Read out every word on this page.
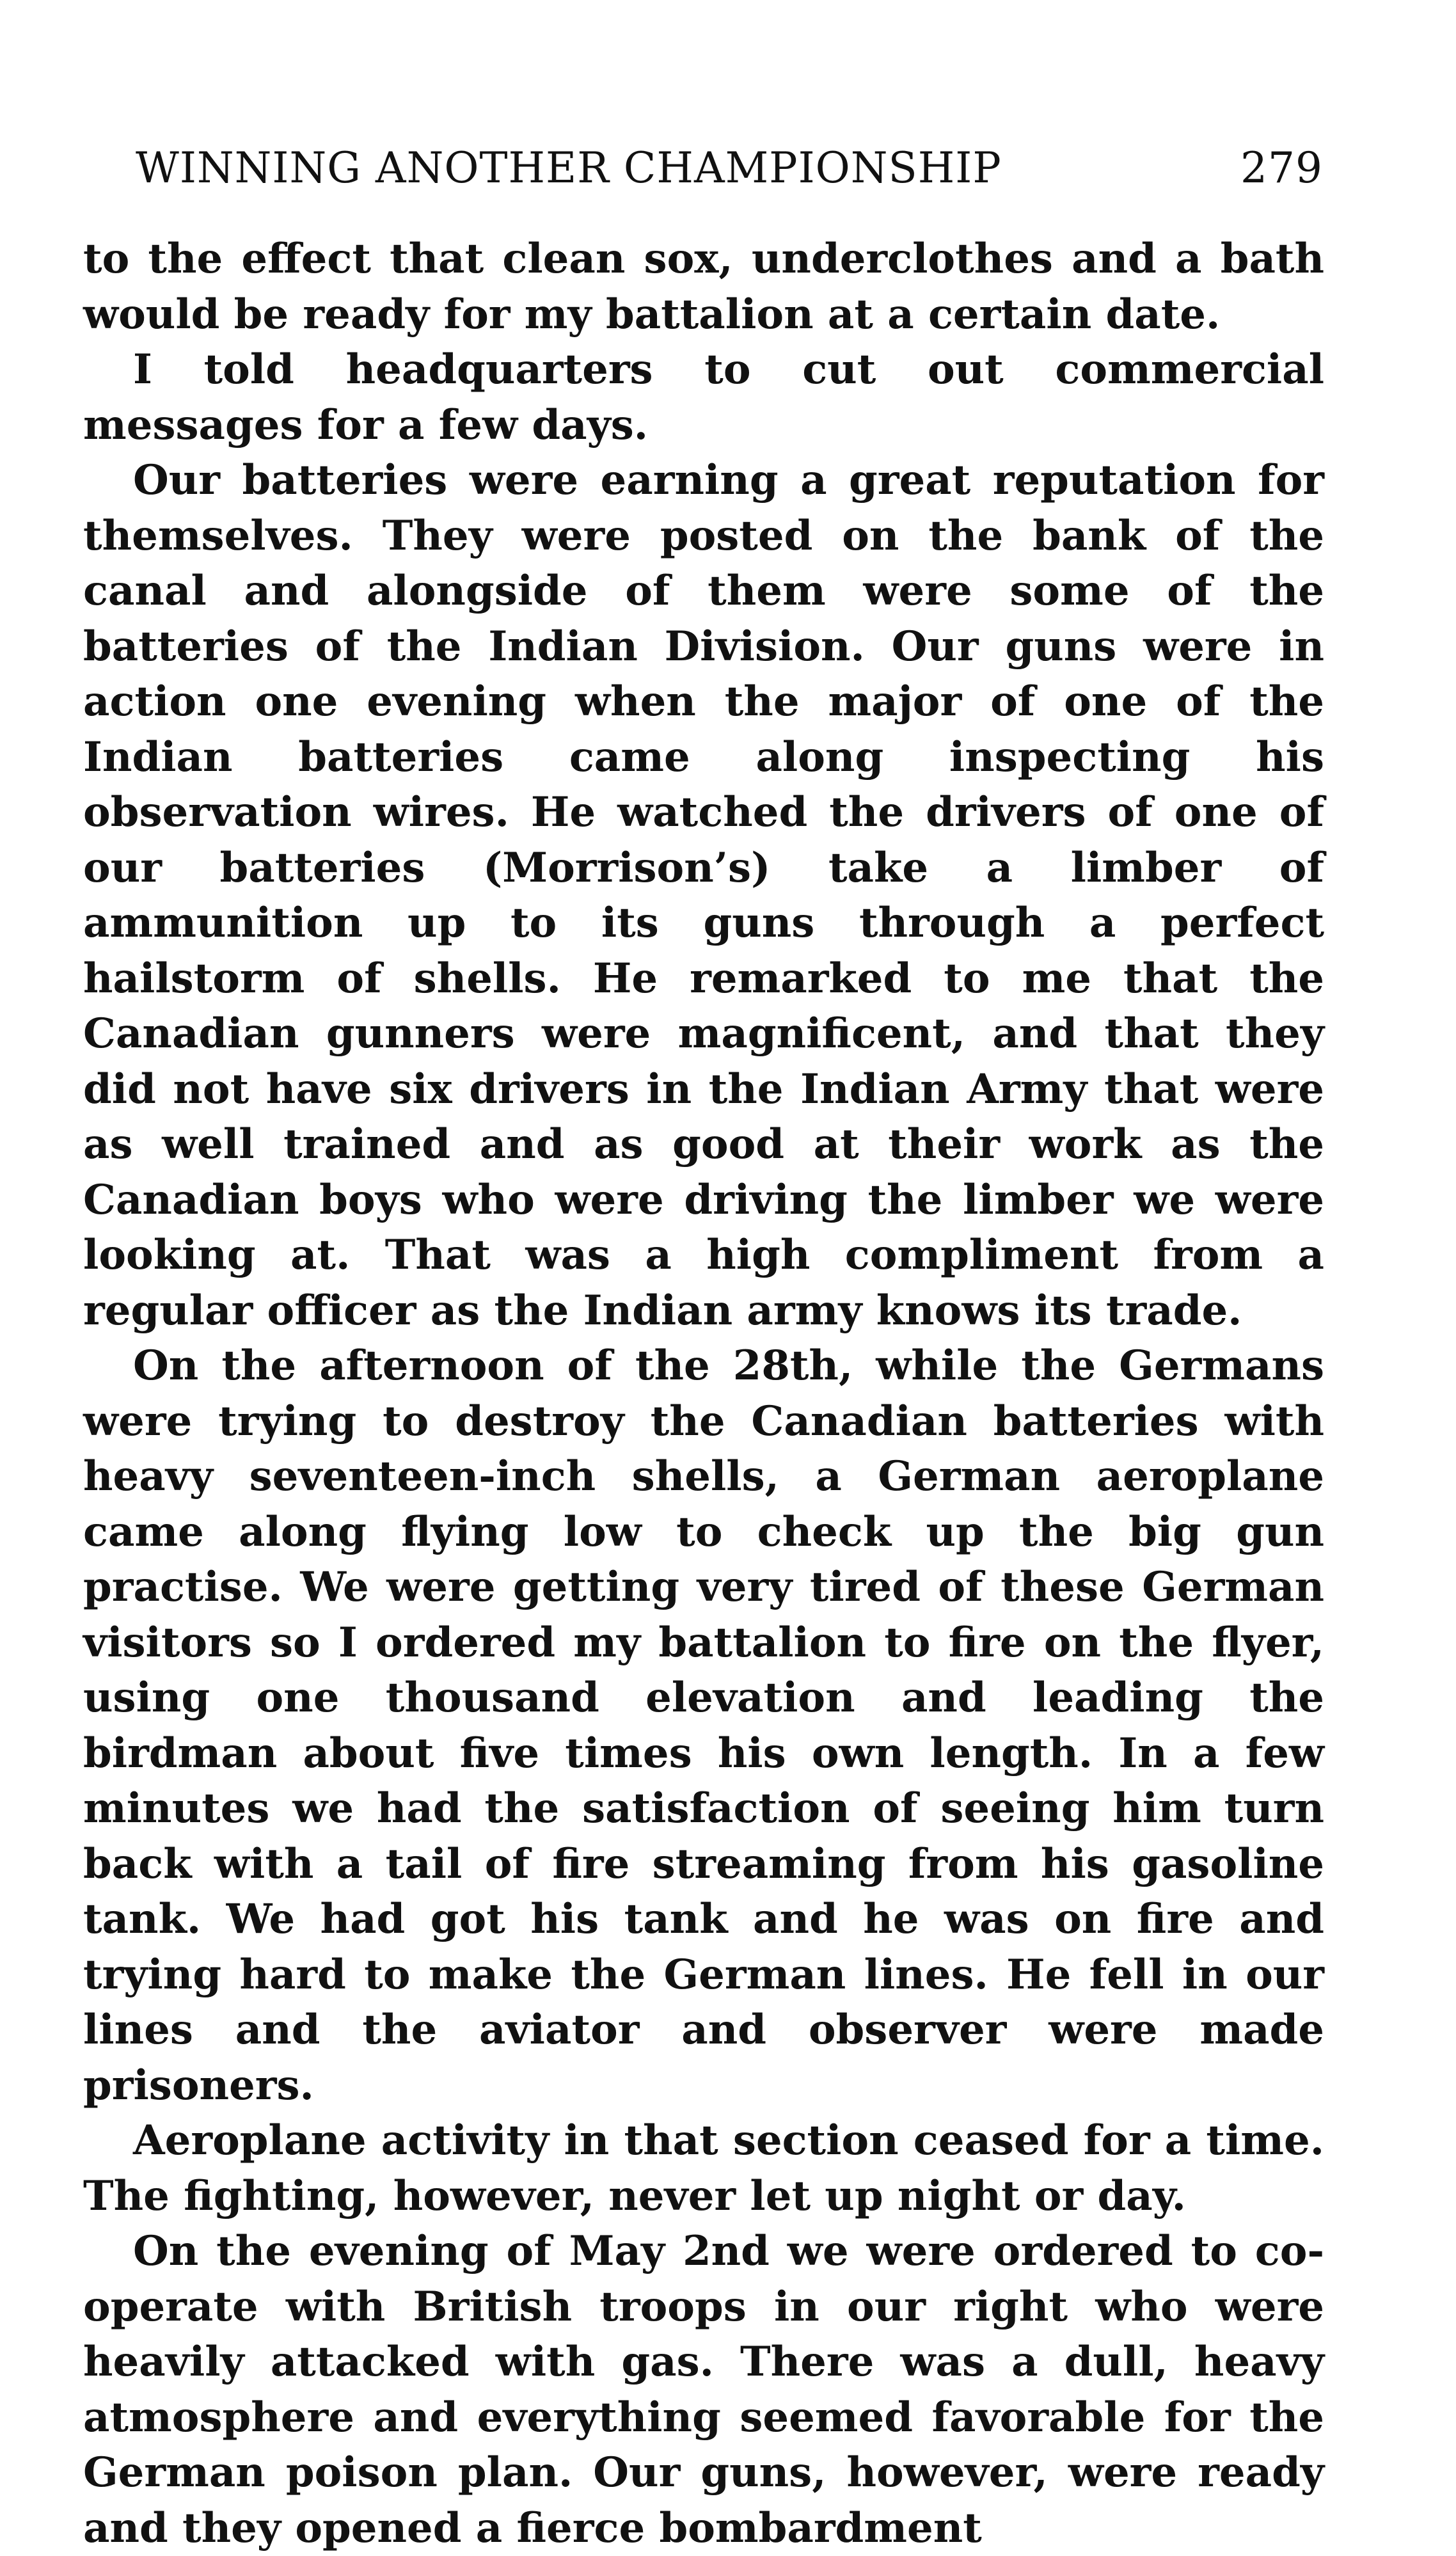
WINNING ANOTHER CHAMPIONSHIP	279

to the effect that clean sox, underclothes and a bath would be ready for my battalion at a certain date.

I told headquarters to cut out commercial messages for a few days.

Our batteries were earning a great reputation for themselves. They were posted on the bank of the canal and alongside of them were some of the batteries of the Indian Division. Our guns were in action one evening when the major of one of the Indian batteries came along inspecting his observation wires. He watched the drivers of one of our batteries (Morrison’s) take a limber of ammunition up to its guns through a perfect hailstorm of shells. He remarked to me that the Canadian gunners were magnificent, and that they did not have six drivers in the Indian Army that were as well trained and as good at their work as the Canadian boys who were driving the limber we were looking at. That was a high compliment from a regular officer as the Indian army knows its trade.

On the afternoon of the 28th, while the Germans were trying to destroy the Canadian batteries with heavy seventeen-inch shells, a German aeroplane came along flying low to check up the big gun practise. We were getting very tired of these German visitors so I ordered my battalion to fire on the flyer, using one thousand elevation and leading the birdman about five times his own length. In a few minutes we had the satisfaction of seeing him turn back with a tail of fire streaming from his gasoline tank. We had got his tank and he was on fire and trying hard to make the German lines. He fell in our lines and the aviator and observer were made prisoners.

Aeroplane activity in that section ceased for a time. The fighting, however, never let up night or day.

On the evening of May 2nd we were ordered to co-operate with British troops in our right who were heavily attacked with gas. There was a dull, heavy atmosphere and everything seemed favorable for the German poison plan. Our guns, however, were ready and they opened a fierce bombardment
